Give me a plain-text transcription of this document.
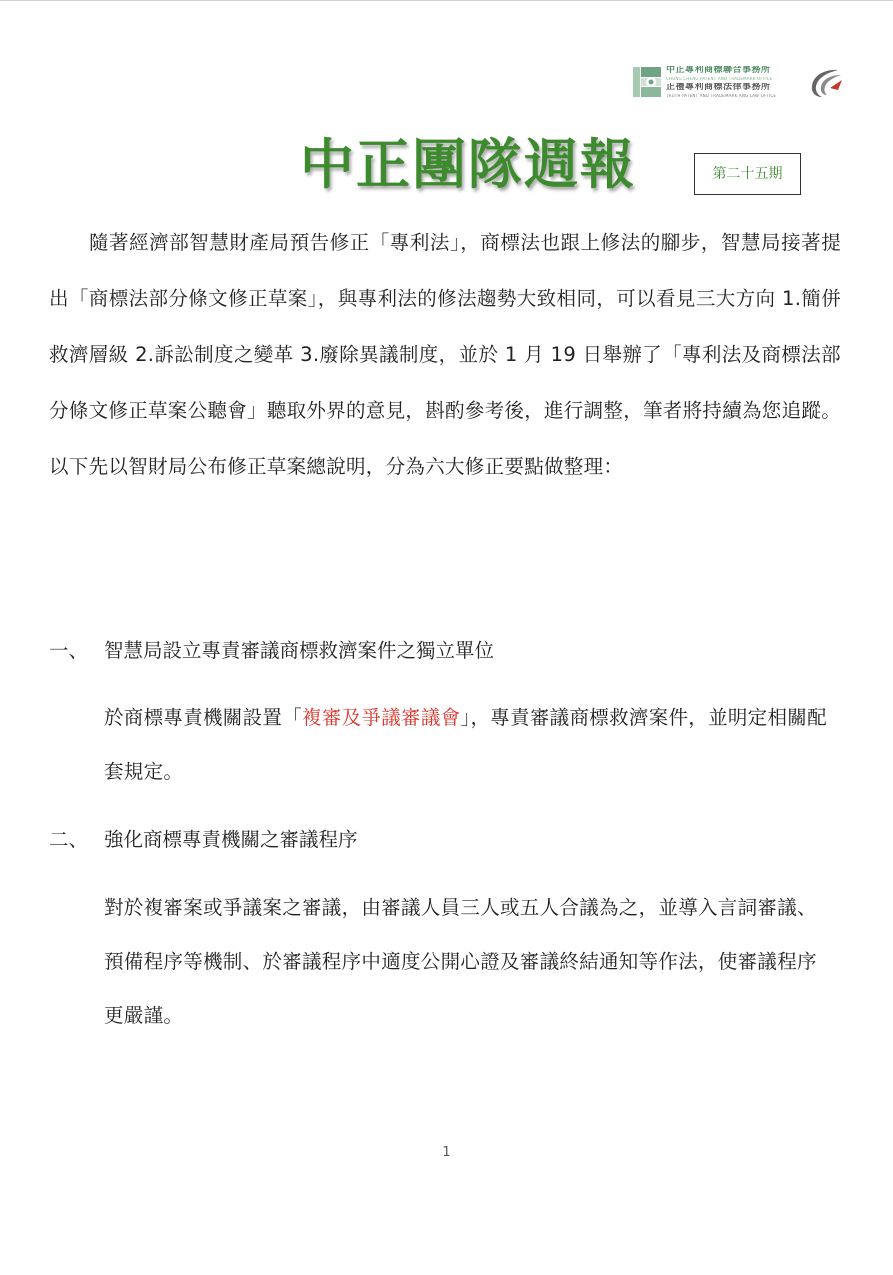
中正專利商標聯合事務所
CHUNG CHENG PATENT AND TRADEMARK OFFICE
正禮專利商標法律事務所
TRUTH PATENT AND TRADEMARK AND LAW OFFICE
中正團隊週報	第二十五期

隨著經濟部智慧財產局預告修正「專利法」，商標法也跟上修法的腳步，智慧局接著提出「商標法部分條文修正草案」，與專利法的修法趨勢大致相同，可以看見三大方向 1.簡併救濟層級 2.訴訟制度之變革 3.廢除異議制度，並於 1 月 19 日舉辦了「專利法及商標法部分條文修正草案公聽會」聽取外界的意見，斟酌參考後，進行調整，筆者將持續為您追蹤。以下先以智財局公布修正草案總說明，分為六大修正要點做整理：

一、 智慧局設立專責審議商標救濟案件之獨立單位

於商標專責機關設置「複審及爭議審議會」，專責審議商標救濟案件，並明定相關配套規定。

二、 強化商標專責機關之審議程序

對於複審案或爭議案之審議，由審議人員三人或五人合議為之，並導入言詞審議、預備程序等機制、於審議程序中適度公開心證及審議終結通知等作法，使審議程序更嚴謹。

1
